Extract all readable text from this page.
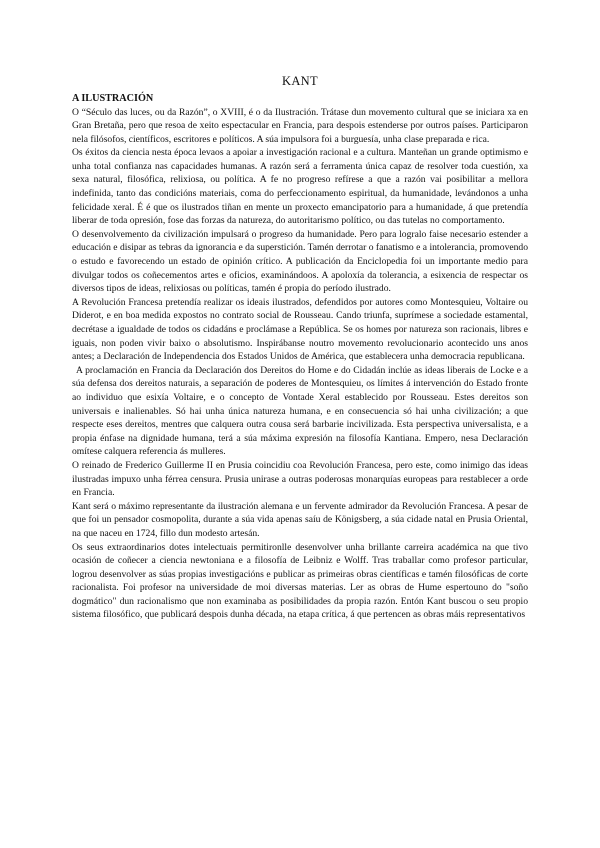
KANT
A ILUSTRACIÓN

O “Século das luces, ou da Razón”, o XVIII, é o da Ilustración. Trátase dun movemento cultural que se iniciara xa en Gran Bretaña, pero que resoa de xeito espectacular en Francia, para despois estenderse por outros países. Participaron nela filósofos, científicos, escritores e políticos. A súa impulsora foi a burguesía, unha clase preparada e rica.

Os éxitos da ciencia nesta época levaos a apoiar a investigación racional e a cultura. Manteñan un grande optimismo e unha total confianza nas capacidades humanas. A razón será a ferramenta única capaz de resolver toda cuestión, xa sexa natural, filosófica, relixiosa, ou política. A fe no progreso refírese a que a razón vai posibilitar a mellora indefinida, tanto das condicións materiais, coma do perfeccionamento espiritual, da humanidade, levándonos a unha felicidade xeral. É é que os ilustrados tiñan en mente un proxecto emancipatorio para a humanidade, á que pretendía liberar de toda opresión, fose das forzas da natureza, do autoritarismo político, ou das tutelas no comportamento.

O desenvolvemento da civilización impulsará o progreso da humanidade. Pero para logralo faise necesario estender a educación e disipar as tebras da ignorancia e da superstición. Tamén derrotar o fanatismo e a intolerancia, promovendo o estudo e favorecendo un estado de opinión crítico. A publicación da Enciclopedia foi un importante medio para divulgar todos os coñecementos artes e oficios, examinándoos. A apoloxía da tolerancia, a esixencia de respectar os diversos tipos de ideas, relixiosas ou políticas, tamén é propia do período ilustrado.

A Revolución Francesa pretendía realizar os ideais ilustrados, defendidos por autores como Montesquieu, Voltaire ou Diderot, e en boa medida expostos no contrato social de Rousseau. Cando triunfa, suprímese a sociedade estamental, decrétase a igualdade de todos os cidadáns e proclámase a República. Se os homes por natureza son racionais, libres e iguais, non poden vivir baixo o absolutismo. Inspirábanse noutro movemento revolucionario acontecido uns anos antes; a Declaración de Independencia dos Estados Unidos de América, que establecera unha democracia republicana.

A proclamación en Francia da Declaración dos Dereitos do Home e do Cidadán inclúe as ideas liberais de Locke e a súa defensa dos dereitos naturais, a separación de poderes de Montesquieu, os límites á intervención do Estado fronte ao individuo que esixía Voltaire, e o concepto de Vontade Xeral establecido por Rousseau. Estes dereitos son universais e inalienables. Só hai unha única natureza humana, e en consecuencia só hai unha civilización; a que respecte eses dereitos, mentres que calquera outra cousa será barbarie incivilizada. Esta perspectiva universalista, e a propia énfase na dignidade humana, terá a súa máxima expresión na filosofía Kantiana. Empero, nesa Declaración omítese calquera referencia ás mulleres.

O reinado de Frederico Guillerme II en Prusia coincidiu coa Revolución Francesa, pero este, como inimigo das ideas ilustradas impuxo unha férrea censura. Prusia unirase a outras poderosas monarquías europeas para restablecer a orde en Francia.

Kant será o máximo representante da ilustración alemana e un fervente admirador da Revolución Francesa. A pesar de que foi un pensador cosmopolita, durante a súa vida apenas saíu de Königsberg, a súa cidade natal en Prusia Oriental, na que naceu en 1724, fillo dun modesto artesán.

Os seus extraordinarios dotes intelectuais permitironlle desenvolver unha brillante carreira académica na que tivo ocasión de coñecer a ciencia newtoniana e a filosofía de Leibniz e Wolff. Tras traballar como profesor particular, logrou desenvolver as súas propias investigacións e publicar as primeiras obras científicas e tamén filosóficas de corte racionalista. Foi profesor na universidade de moi diversas materias. Ler as obras de Hume espertouno do "soño dogmático" dun racionalismo que non examinaba as posibilidades da propia razón. Entón Kant buscou o seu propio sistema filosófico, que publicará despois dunha década, na etapa crítica, á que pertencen as obras máis representativos
